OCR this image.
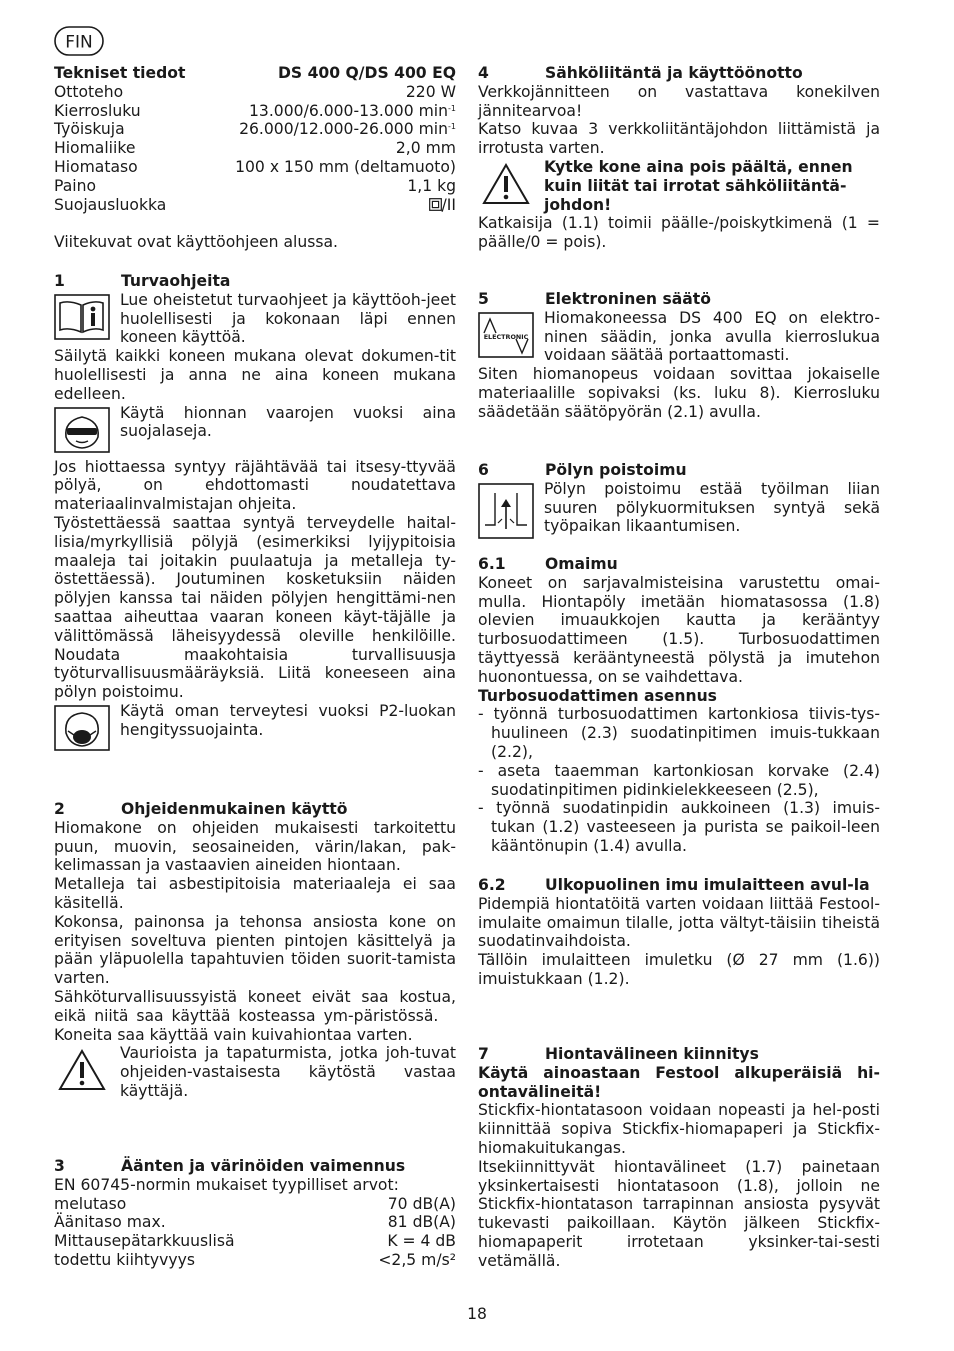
FIN
Tekniset tiedot	DS 400 Q/DS 400 EQ
Ottoteho	220 W
Kierrosluku	13.000/6.000-13.000 $\min^{-1}$
Työiskuja	26.000/12.000-26.000 $\min^{-1}$
Hiomaliike	2,0 mm
Hiomataso	100 x 150 mm (deltamuoto)
Paino	1,1 kg
Suojausluokka	/II

Viitekuvat ovat käyttöohjeen alussa.

1	Turvaohjeita

Lue oheistetut turvaohjeet ja käyttöoh-jeet huolellisesti ja kokonaan läpi ennen koneen käyttöä.

Säilytä kaikki koneen mukana olevat dokumen-tit huolellisesti ja anna ne aina koneen mukana edelleen.

Käytä hionnan vaarojen vuoksi aina suojalaseja.

Jos hiottaessa syntyy räjähtävää tai itsesy-ttyvää pölyä, on ehdottomasti noudatettava materiaalinvalmistajan ohjeita.

Työstettäessä saattaa syntyä terveydelle haital-lisia/myrkyllisiä pölyjä (esimerkiksi lyijypitoisia maaleja tai joitakin puulaatuja ja metalleja ty-östettäessä). Joutuminen kosketuksiin näiden pölyjen kanssa tai näiden pölyjen hengittämi-nen saattaa aiheuttaa vaaran koneen käyt-täjälle ja välittömässä läheisyydessä oleville henkilöille. Noudata maakohtaisia turvallisuusja työturvallisuusmääräyksiä. Liitä koneeseen aina pölyn poistoimu.

Käytä oman terveytesi vuoksi P2-luokan hengityssuojainta.

2	Ohjeidenmukainen käyttö

Hiomakone on ohjeiden mukaisesti tarkoitettu puun, muovin, seosaineiden, värin/lakan, pak-kelimassan ja vastaavien aineiden hiontaan.

Metalleja tai asbestipitoisia materiaaleja ei saa käsitellä.

Kokonsa, painonsa ja tehonsa ansiosta kone on erityisen soveltuva pienten pintojen käsittelyä ja pään yläpuolella tapahtuvien töiden suorit-tamista varten.

Sähköturvallisuussyistä koneet eivät saa kostua, eikä niitä saa käyttää kosteassa ym-päristössä.

Koneita saa käyttää vain kuivahiontaa varten.

Vaurioista ja tapaturmista, jotka joh-tuvat ohjeiden-vastaisesta käytöstä vastaa käyttäjä.

3	Äänten ja värinöiden vaimennus

EN 60745-normin mukaiset tyypilliset arvot:

melutaso	70 dB(A)
Äänitaso max.	81 dB(A)
Mittausepätarkkuuslisä	K = 4 dB
todettu kiihtyvyys	<2,5 m/s²
4	Sähköliitäntä ja käyttöönotto

Verkkojännitteen on vastattava konekilven jännitearvoa!

Katso kuvaa 3 verkkoliitäntäjohdon liittämistä ja irrotusta varten.

Kytke kone aina pois päältä, ennen kuin liität tai irrotat sähköliitäntä-johdon!

Katkaisija (1.1) toimii päälle-/poiskytkimenä (1 = päälle/0 = pois).

5	Elektroninen säätö
ELECTRONIC

Hiomakoneessa DS 400 EQ on elektro-ninen säädin, jonka avulla kierroslukua voidaan säätää portaattomasti.

Siten hiomanopeus voidaan sovittaa jokaiselle materiaalille sopivaksi (ks. luku 8). Kierrosluku säädetään säätöpyörän (2.1) avulla.

6	Pölyn poistoimu

Pölyn poistoimu estää työilman liian suuren pölykuormituksen syntyä sekä työpaikan likaantumisen.

6.1	Omaimu

Koneet on sarjavalmisteisina varustettu omai-mulla. Hiontapöly imetään hiomatasossa (1.8) olevien imuaukkojen kautta ja kerääntyy turbosuodattimeen (1.5). Turbosuodattimen täyttyessä kerääntyneestä pölystä ja imutehon huonontuessa, on se vaihdettava.

Turbosuodattimen asennus

- työnnä turbosuodattimen kartonkiosa tiivis-tys-huulineen (2.3) suodatinpitimen imuis-tukkaan (2.2),

- aseta taaemman kartonkiosan korvake (2.4) suodatinpitimen pidinkielekkeeseen (2.5),

- työnnä suodatinpidin aukkoineen (1.3) imuis-tukan (1.2) vasteeseen ja purista se paikoil-leen kääntönupin (1.4) avulla.

6.2	Ulkopuolinen imu imulaitteen avul-la

Pidempiä hiontatöitä varten voidaan liittää Festool-imulaite omaimun tilalle, jotta vältyt-täisiin tiheistä suodatinvaihdoista.

Tällöin imulaitteen imuletku (Ø 27 mm (1.6)) imuistukkaan (1.2).

7	Hiontavälineen kiinnitys

Käytä ainoastaan Festool alkuperäisiä hi-ontavälineitä!

Stickfix-hiontatasoon voidaan nopeasti ja hel-posti kiinnittää sopiva Stickfix-hiomapaperi ja Stickfix-hiomakuitukangas.

Itsekiinnittyvät hiontavälineet (1.7) painetaan yksinkertaisesti hiontatasoon (1.8), jolloin ne Stickfix-hiontatason tarrapinnan ansiosta pysyvät tukevasti paikoillaan. Käytön jälkeen Stickfix-hiomapaperit irrotetaan yksinker-tai-sesti vetämällä.

18
